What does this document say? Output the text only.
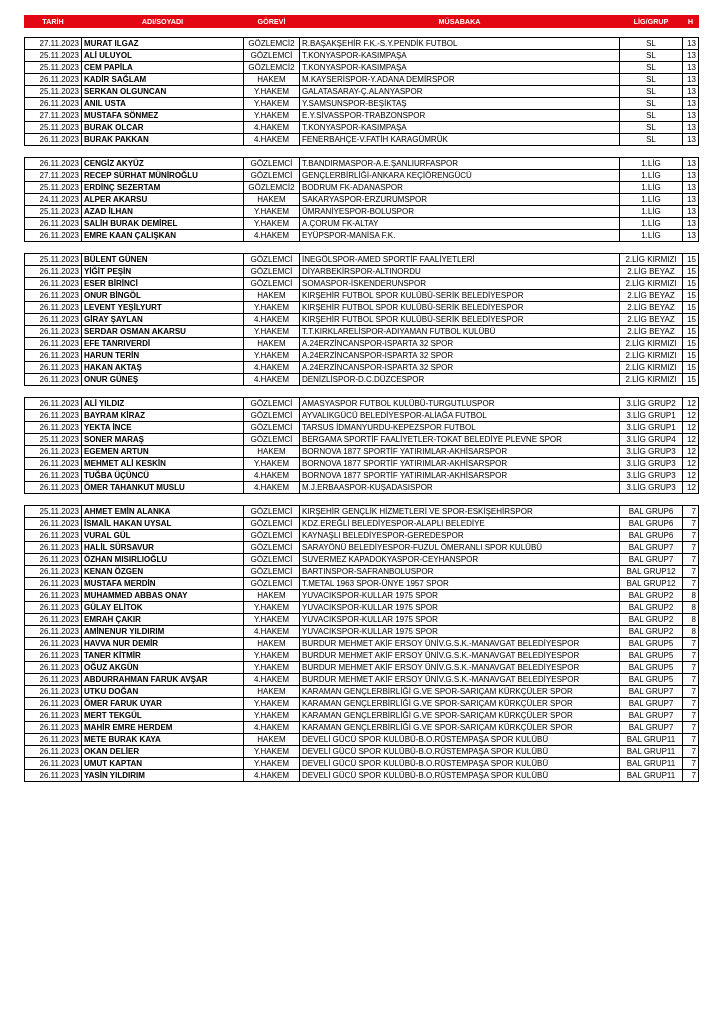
TARİH	ADI/SOYADI	GÖREVİ	MÜSABAKA	LİG/GRUP	H

27.11.2023	MURAT ILGAZ	GÖZLEMCİ2	R.BAŞAKŞEHİR F.K.-S.Y.PENDİK FUTBOL	SL	13
25.11.2023	ALİ ULUYOL	GÖZLEMCİ	T.KONYASPOR-KASIMPAŞA	SL	13
25.11.2023	CEM PAPİLA	GÖZLEMCİ2	T.KONYASPOR-KASIMPAŞA	SL	13
26.11.2023	KADİR SAĞLAM	HAKEM	M.KAYSERİSPOR-Y.ADANA DEMİRSPOR	SL	13
25.11.2023	SERKAN OLGUNCAN	Y.HAKEM	GALATASARAY-Ç.ALANYASPOR	SL	13
26.11.2023	ANIL USTA	Y.HAKEM	Y.SAMSUNSPOR-BEŞİKTAŞ	SL	13
27.11.2023	MUSTAFA SÖNMEZ	Y.HAKEM	E.Y.SİVASSPOR-TRABZONSPOR	SL	13
25.11.2023	BURAK OLCAR	4.HAKEM	T.KONYASPOR-KASIMPAŞA	SL	13
26.11.2023	BURAK PAKKAN	4.HAKEM	FENERBAHÇE-V.FATİH KARAGÜMRÜK	SL	13

26.11.2023	CENGİZ AKYÜZ	GÖZLEMCİ	T.BANDIRMASPOR-A.E.ŞANLIURFASPOR	1.LİG	13
27.11.2023	RECEP SÜRHAT MÜNİROĞLU	GÖZLEMCİ	GENÇLERBİRLİĞİ-ANKARA KEÇİÖRENGÜCÜ	1.LİG	13
25.11.2023	ERDİNÇ SEZERTAM	GÖZLEMCİ2	BODRUM FK-ADANASPOR	1.LİG	13
24.11.2023	ALPER AKARSU	HAKEM	SAKARYASPOR-ERZURUMSPOR	1.LİG	13
25.11.2023	AZAD İLHAN	Y.HAKEM	ÜMRANİYESPOR-BOLUSPOR	1.LİG	13
26.11.2023	SALİH BURAK DEMİREL	Y.HAKEM	A.ÇORUM FK-ALTAY	1.LİG	13
26.11.2023	EMRE KAAN ÇALIŞKAN	4.HAKEM	EYÜPSPOR-MANİSA F.K.	1.LİG	13

25.11.2023	BÜLENT GÜNEN	GÖZLEMCİ	İNEGÖLSPOR-AMED SPORTİF FAALİYETLERİ	2.LİG KIRMIZI	15
26.11.2023	YİĞİT PEŞİN	GÖZLEMCİ	DİYARBEKİRSPOR-ALTINORDU	2.LİG BEYAZ	15
26.11.2023	ESER BİRİNCİ	GÖZLEMCİ	SOMASPOR-İSKENDERUNSPOR	2.LİG KIRMIZI	15
26.11.2023	ONUR BİNGÖL	HAKEM	KIRŞEHİR FUTBOL SPOR KULÜBÜ-SERİK BELEDİYESPOR	2.LİG BEYAZ	15
26.11.2023	LEVENT YEŞİLYURT	Y.HAKEM	KIRŞEHİR FUTBOL SPOR KULÜBÜ-SERİK BELEDİYESPOR	2.LİG BEYAZ	15
26.11.2023	GİRAY ŞAYLAN	4.HAKEM	KIRŞEHİR FUTBOL SPOR KULÜBÜ-SERİK BELEDİYESPOR	2.LİG BEYAZ	15
26.11.2023	SERDAR OSMAN AKARSU	Y.HAKEM	T.T.KIRKLARELİSPOR-ADIYAMAN FUTBOL KULÜBÜ	2.LİG BEYAZ	15
26.11.2023	EFE TANRIVERDİ	HAKEM	A.24ERZİNCANSPOR-ISPARTA 32 SPOR	2.LİG KIRMIZI	15
26.11.2023	HARUN TERİN	Y.HAKEM	A.24ERZİNCANSPOR-ISPARTA 32 SPOR	2.LİG KIRMIZI	15
26.11.2023	HAKAN AKTAŞ	4.HAKEM	A.24ERZİNCANSPOR-ISPARTA 32 SPOR	2.LİG KIRMIZI	15
26.11.2023	ONUR GÜNEŞ	4.HAKEM	DENİZLİSPOR-D.C.DÜZCESPOR	2.LİG KIRMIZI	15

26.11.2023	ALİ YILDIZ	GÖZLEMCİ	AMASYASPOR FUTBOL KULÜBÜ-TURGUTLUSPOR	3.LİG GRUP2	12
26.11.2023	BAYRAM KİRAZ	GÖZLEMCİ	AYVALIKGÜCÜ BELEDİYESPOR-ALİAĞA FUTBOL	3.LİG GRUP1	12
26.11.2023	YEKTA İNCE	GÖZLEMCİ	TARSUS İDMANYURDU-KEPEZSPOR FUTBOL	3.LİG GRUP1	12
25.11.2023	SONER MARAŞ	GÖZLEMCİ	BERGAMA SPORTİF FAALİYETLER-TOKAT BELEDİYE PLEVNE SPOR	3.LİG GRUP4	12
26.11.2023	EGEMEN ARTUN	HAKEM	BORNOVA 1877 SPORTİF YATIRIMLAR-AKHİSARSPOR	3.LİG GRUP3	12
26.11.2023	MEHMET ALİ KESKİN	Y.HAKEM	BORNOVA 1877 SPORTİF YATIRIMLAR-AKHİSARSPOR	3.LİG GRUP3	12
26.11.2023	TUĞBA ÜÇÜNCÜ	4.HAKEM	BORNOVA 1877 SPORTİF YATIRIMLAR-AKHİSARSPOR	3.LİG GRUP3	12
26.11.2023	ÖMER TAHANKUT MUSLU	4.HAKEM	M.J.ERBAASPOR-KUŞADASISPOR	3.LİG GRUP3	12

25.11.2023	AHMET EMİN ALANKA	GÖZLEMCİ	KIRŞEHİR GENÇLİK HİZMETLERİ VE SPOR-ESKİŞEHİRSPOR	BAL GRUP6	7
26.11.2023	İSMAİL HAKAN UYSAL	GÖZLEMCİ	KDZ.EREĞLİ BELEDİYESPOR-ALAPLI BELEDİYE	BAL GRUP6	7
26.11.2023	VURAL GÜL	GÖZLEMCİ	KAYNAŞLI BELEDİYESPOR-GEREDESPOR	BAL GRUP6	7
26.11.2023	HALİL SÜRSAVUR	GÖZLEMCİ	SARAYÖNÜ BELEDİYESPOR-FUZUL ÖMERANLI SPOR KULÜBÜ	BAL GRUP7	7
26.11.2023	ÖZHAN MISIRLIOĞLU	GÖZLEMCİ	SUVERMEZ KAPADOKYASPOR-CEYHANSPOR	BAL GRUP7	7
26.11.2023	KENAN ÖZGEN	GÖZLEMCİ	BARTINSPOR-SAFRANBOLUSPOR	BAL GRUP12	7
26.11.2023	MUSTAFA MERDİN	GÖZLEMCİ	T.METAL 1963 SPOR-ÜNYE 1957 SPOR	BAL GRUP12	7
26.11.2023	MUHAMMED ABBAS ONAY	HAKEM	YUVACIKSPOR-KULLAR 1975 SPOR	BAL GRUP2	8
26.11.2023	GÜLAY ELİTOK	Y.HAKEM	YUVACIKSPOR-KULLAR 1975 SPOR	BAL GRUP2	8
26.11.2023	EMRAH ÇAKIR	Y.HAKEM	YUVACIKSPOR-KULLAR 1975 SPOR	BAL GRUP2	8
26.11.2023	AMİNENUR YILDIRIM	4.HAKEM	YUVACIKSPOR-KULLAR 1975 SPOR	BAL GRUP2	8
26.11.2023	HAVVA NUR DEMİR	HAKEM	BURDUR MEHMET AKİF ERSOY ÜNİV.G.S.K.-MANAVGAT BELEDİYESPOR	BAL GRUP5	7
26.11.2023	TANER KİTMİR	Y.HAKEM	BURDUR MEHMET AKİF ERSOY ÜNİV.G.S.K.-MANAVGAT BELEDİYESPOR	BAL GRUP5	7
26.11.2023	OĞUZ AKGÜN	Y.HAKEM	BURDUR MEHMET AKİF ERSOY ÜNİV.G.S.K.-MANAVGAT BELEDİYESPOR	BAL GRUP5	7
26.11.2023	ABDURRAHMAN FARUK AVŞAR	4.HAKEM	BURDUR MEHMET AKİF ERSOY ÜNİV.G.S.K.-MANAVGAT BELEDİYESPOR	BAL GRUP5	7
26.11.2023	UTKU DOĞAN	HAKEM	KARAMAN GENÇLERBİRLİĞİ G.VE SPOR-SARIÇAM KÜRKÇÜLER SPOR	BAL GRUP7	7
26.11.2023	ÖMER FARUK UYAR	Y.HAKEM	KARAMAN GENÇLERBİRLİĞİ G.VE SPOR-SARIÇAM KÜRKÇÜLER SPOR	BAL GRUP7	7
26.11.2023	MERT TEKGÜL	Y.HAKEM	KARAMAN GENÇLERBİRLİĞİ G.VE SPOR-SARIÇAM KÜRKÇÜLER SPOR	BAL GRUP7	7
26.11.2023	MAHİR EMRE HERDEM	4.HAKEM	KARAMAN GENÇLERBİRLİĞİ G.VE SPOR-SARIÇAM KÜRKÇÜLER SPOR	BAL GRUP7	7
26.11.2023	METE BURAK KAYA	HAKEM	DEVELİ GÜCÜ SPOR KULÜBÜ-B.O.RÜSTEMPAŞA SPOR KULÜBÜ	BAL GRUP11	7
26.11.2023	OKAN DELİER	Y.HAKEM	DEVELİ GÜCÜ SPOR KULÜBÜ-B.O.RÜSTEMPAŞA SPOR KULÜBÜ	BAL GRUP11	7
26.11.2023	UMUT KAPTAN	Y.HAKEM	DEVELİ GÜCÜ SPOR KULÜBÜ-B.O.RÜSTEMPAŞA SPOR KULÜBÜ	BAL GRUP11	7
26.11.2023	YASİN YILDIRIM	4.HAKEM	DEVELİ GÜCÜ SPOR KULÜBÜ-B.O.RÜSTEMPAŞA SPOR KULÜBÜ	BAL GRUP11	7
